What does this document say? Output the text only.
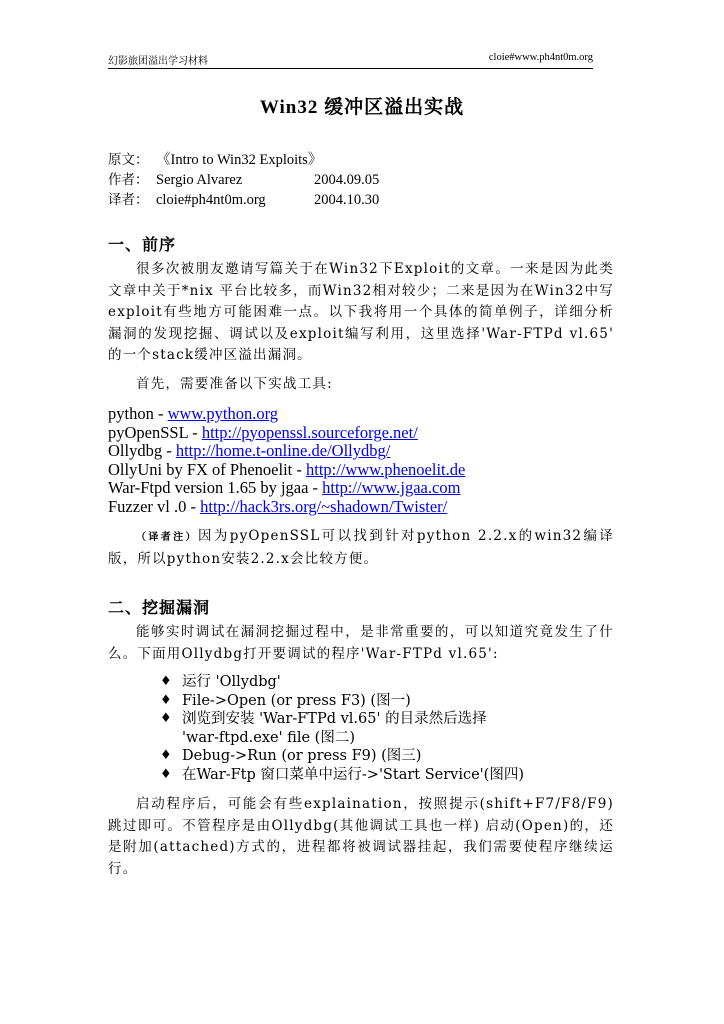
幻影旅团溢出学习材料	cloie#www.ph4nt0m.org
Win32 缓冲区溢出实战
原文： 《Intro to Win32 Exploits》
作者： Sergio Alvarez	2004.09.05
译者： cloie#ph4nt0m.org	2004.10.30
一、前序
很多次被朋友邀请写篇关于在Win32下Exploit的文章。一来是因为此类文章中关于*nix 平台比较多，而Win32相对较少；二来是因为在Win32中写exploit有些地方可能困难一点。以下我将用一个具体的简单例子，详细分析漏洞的发现挖掘、调试以及exploit编写利用，这里选择'War-FTPd vl.65' 的一个stack缓冲区溢出漏洞。
首先，需要准备以下实战工具:
python - www.python.org
pyOpenSSL - http://pyopenssl.sourceforge.net/
Ollydbg - http://home.t-online.de/Ollydbg/
OllyUni by FX of Phenoelit - http://www.phenoelit.de
War-Ftpd version 1.65 by jgaa - http://www.jgaa.com
Fuzzer vl .0 - http://hack3rs.org/~shadown/Twister/
（译者注）因为pyOpenSSL可以找到针对python 2.2.x的win32编译版，所以python安装2.2.x会比较方便。
二、挖掘漏洞
能够实时调试在漏洞挖掘过程中，是非常重要的，可以知道究竟发生了什么。下面用Ollydbg打开要调试的程序'War-FTPd vl.65':
♦ 运行 'Ollydbg'
♦ File->Open (or press F3) (图一)
♦ 浏览到安装 'War-FTPd vl.65' 的目录然后选择
'war-ftpd.exe' file (图二)
♦ Debug->Run (or press F9) (图三)
♦ 在War-Ftp 窗口菜单中运行->'Start Service'(图四)
启动程序后，可能会有些explaination，按照提示(shift+F7/F8/F9)跳过即可。不管程序是由Ollydbg(其他调试工具也一样) 启动(Open)的，还是附加(attached)方式的，进程都将被调试器挂起，我们需要使程序继续运行。
